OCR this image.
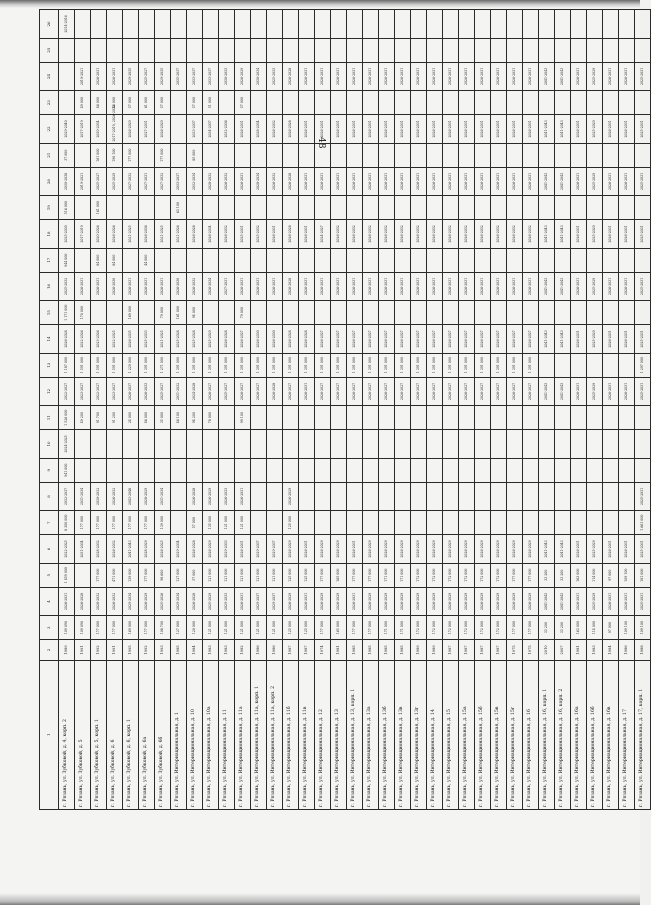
48
1	2	3	4	5	6	7	8	9	10	11	12	13	14	15	16	17	18	19	20	21	22	23	24	25	26	
г. Рязань, ул. Зубковой, д. 4, корп. 2	1989	109 090	2026-2031	1 459 000	2022-2025	8 300 000	2032-2037	941 000	2024-2025	1 526 000	2022-2027	1 187 000	2026-2028	1 171 000	2025-2032	944 000	2025-2030	516 000	2030-2038	37 000	2029-2040				2014-2016	
г. Рязань, ул. Зубковой, д. 5	1991	109 090	2026-2028		2031-2034	177 000	2031-2034			49 200	2023-2027	1 591 000	2022-2026	170 000	2026-2031		2017-2019		2019-2021		2017-2019	49 000	2019-2021				
г. Рязань, ул. Зубковой, д. 5, корп. 1	1992	177 000	2028-2032	177 000	2028-2032	177 000	2030-2032			91 700	2022-2027	1 591 000	2023-2026		2026-2031	84 000	2020-2026	161 000	2025-2027	161 000	2030-2034	46 000	2026-2031				
г. Рязань, ул. Зубковой, д. 6	1991	177 000	2026-2032	471 000	2026-2032	177 000	2026-2032			91 200	2023-2027	1 591 000	2022-2025		2026-2030	84 000	2026-2026		2025-2029	190 100	2017-2019, 2026-2032	46 000	2026-2031				
г. Рязань, ул. Зубковой, д. 6, корп. 1	1995	169 000	2029-2034	139 000	2041-2043	177 000	2043-2046			24 000	2026-2037	1 229 000	2026-2035	169 000	2026-2031		2021-2025		2027-2032	177 000	2026-2029	57 000	2029-2035				
г. Рязань, ул. Зубковой, д. 6а	1992	177 000	2026-2029	177 000	2028-2029	177 000	2028-2029			46 000	2026-2033	1 391 000	2025-2033		2026-2031	44 000	2026-2036		2027-2031		2027-2031	61 000	2025-2027				
г. Рязань, ул. Зубковой, д. 6б	1993	108 700	2025-2026	98 600	2026-2025	139 000	2031-2034			35 000	2025-2027	1 271 000	2021-2025	79 000	2026-2031		2021-2025		2027-2032	177 000	2026-2029	57 000	2029-2035				
г. Рязань, ул. Интернациональная, д. 1	1985	127 000	2029-2034	127 000	2029-2034					46 100	2031-2032	1 391 000	2025-2028	161 000	2026-2030		2021-2026	63 100	2033-2037				2035-2037				
г. Рязань, ул. Интернациональная, д. 10	1984	120 000	2026-2028	57 000	2026-2028	57 000	2026-2028			94 200	2024-2028	1 391 000	2025-2028	94 000	2026-2032		2026-2028		2032-2034	85 000	2033-2037	57 000	2033-2037				
г. Рязань, ул. Интернациональная, д. 10а	1983	121 000	2025-2029	121 000	2026-2029	135 000	2026-2029			78 000	2026-2027	1 391 000	2025-2029		2026-2034		2026-2034		2028-2032		2034-2037	51 000	2033-2037				
г. Рязань, ул. Интернациональная, д. 11	1983	121 000	2029-2033	121 000	2029-2033	121 000	2026-2033				2025-2027	1 391 000	2026-2028		2027-2031		2026-2032		2026-2032		2032-2036		2030-2033				
г. Рязань, ул. Интернациональная, д. 11а	1982	121 000	2026-2031	121 000	2026-2031	121 000	2026-2031			99 100	2026-2027	1 391 000	2026-2027	79 000	2026-2031		2025-2031		2026-2031		2026-2031	57 000	2026-2029				
г. Рязань, ул. Интернациональная, д. 11а, корп. 1	1986	121 000	2029-2037	121 000	2029-2037						2026-2027	1 391 000	2026-2030		2026-2031		2025-2032		2028-2034		2028-2034		2030-2034				
г. Рязань, ул. Интернациональная, д. 11а, корп. 2	1986	121 000	2029-2037	121 000	2029-2037						2026-2028	1 391 000	2026-2030		2026-2031		2026-2031		2026-2032		2026-2032		2025-2033				
г. Рязань, ул. Интернациональная, д. 11б	1987	125 000	2026-2029	125 000	2026-2029	125 000	2026-2029				2026-2027	1 391 000	2026-2028		2026-2028		2026-2028		2026-2028		2026-2028		2026-2028				
г. Рязань, ул. Интернациональная, д. 11в	1987	125 000	2026-2031	125 000	2026-2031						2026-2031	1 391 000	2026-2028		2026-2031		2026-2031		2026-2031		2026-2031		2026-2031				
г. Рязань, ул. Интернациональная, д. 12	1974	177 000	2026-2029	177 000	2026-2029						2026-2027	1 391 000	2026-2027		2026-2031		2024-2027		2026-2031		2026-2031		2026-2031				
г. Рязань, ул. Интернациональная, д. 13	1981	165 000	2026-2029	165 000	2026-2029						2026-2027	1 391 000	2026-2027		2026-2031		2026-2032		2026-2031		2026-2031		2026-2031				
г. Рязань, ул. Интернациональная, д. 13, корп. 1	1985	177 000	2026-2031	177 000	2026-2031						2026-2027	1 391 000	2026-2027		2026-2031		2026-2032		2026-2031		2026-2031		2026-2031				
г. Рязань, ул. Интернациональная, д. 13а	1985	177 000	2026-2029	177 000	2026-2029						2026-2027	1 391 000	2026-2027		2026-2031		2026-2032		2026-2031		2026-2031		2026-2031				
г. Рязань, ул. Интернациональная, д. 13б	1985	171 000	2026-2029	171 000	2026-2029						2026-2027	1 391 000	2026-2027		2026-2031		2026-2032		2026-2031		2026-2031		2026-2031				
г. Рязань, ул. Интернациональная, д. 13в	1985	171 000	2026-2029	171 000	2026-2029						2026-2027	1 391 000	2026-2027		2026-2031		2026-2032		2026-2031		2026-2031		2026-2031				
г. Рязань, ул. Интернациональная, д. 13г	1989	172 000	2026-2029	172 000	2026-2029						2026-2027	1 391 000	2026-2027		2026-2031		2026-2032		2026-2031		2026-2031		2026-2031				
г. Рязань, ул. Интернациональная, д. 14	1989	172 000	2026-2029	172 000	2026-2029						2026-2027	1 391 000	2026-2027		2026-2031		2026-2032		2026-2031		2026-2031		2026-2031				
г. Рязань, ул. Интернациональная, д. 15	1987	172 000	2026-2029	172 000	2026-2029						2026-2027	1 391 000	2026-2027		2026-2031		2026-2032		2026-2031		2026-2031		2026-2031				
г. Рязань, ул. Интернациональная, д. 15а	1987	172 000	2026-2029	172 000	2026-2029						2026-2027	1 391 000	2026-2027		2026-2031		2026-2032		2026-2031		2026-2031		2026-2031				
г. Рязань, ул. Интернациональная, д. 15б	1987	172 000	2026-2029	172 000	2026-2029						2026-2027	1 391 000	2026-2027		2026-2031		2026-2032		2026-2031		2026-2031		2026-2031				
г. Рязань, ул. Интернациональная, д. 15в	1987	172 000	2026-2029	172 000	2026-2029						2026-2027	1 391 000	2026-2027		2026-2031		2026-2032		2026-2031		2026-2031		2026-2031				
г. Рязань, ул. Интернациональная, д. 15г	1975	177 000	2026-2029	177 000	2026-2029						2026-2027	1 391 000	2026-2027		2026-2031		2026-2032		2026-2031		2026-2031		2026-2031				
г. Рязань, ул. Интернациональная, д. 16	1975	177 000	2026-2029	177 000	2026-2029						2026-2027	1 391 000	2026-2027		2026-2031		2026-2032		2026-2031		2026-2031		2026-2031				
г. Рязань, ул. Интернациональная, д. 16, корп. 1	2010	33 200	2041-2043	33 200	2041-2043						2041-2043		2041-2043		2041-2043		2041-2043		2041-2043		2041-2043		2041-2043				
г. Рязань, ул. Интернациональная, д. 16, корп. 2	2007	33 200	2041-2043	33 200	2041-2043						2041-2043		2041-2043		2041-2043		2041-2043		2041-2043		2041-2043		2041-2043				
г. Рязань, ул. Интернациональная, д. 16а	1981	163 000	2026-2031	163 000	2026-2031						2026-2031		2026-2031		2026-2031		2026-2031		2026-2031		2026-2031		2026-2031				
г. Рязань, ул. Интернациональная, д. 16б	1983	114 000	2025-2029	114 000	2025-2029						2025-2029		2025-2029		2025-2029		2025-2029		2025-2029		2025-2029		2025-2029				
г. Рязань, ул. Интернациональная, д. 16в	1984	97 000	2026-2031	97 000	2026-2031						2026-2031		2026-2031		2026-2031		2026-2031		2026-2031		2026-2031		2026-2031				
г. Рязань, ул. Интернациональная, д. 17	1986	109 100	2026-2031	109 100	2026-2031						2026-2031		2026-2031		2026-2031		2026-2031		2026-2031		2026-2031		2026-2031				
г. Рязань, ул. Интернациональная, д. 17, корп. 1	1988	109 100	2025-2031	181 000	2025-2031	1 661 000	2025-2031				2025-2031	1 297 000	2025-2031		2025-2031		2025-2031		2025-2031		2025-2031		2025-2031				
